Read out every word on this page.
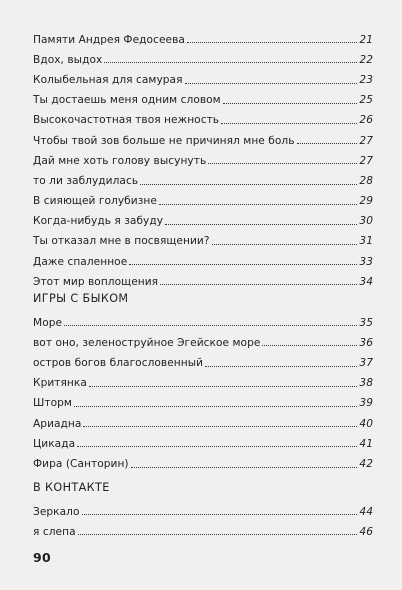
Памяти Андрея Федосеева	21
Вдох, выдох	22
Колыбельная для самурая	23
Ты достаешь меня одним словом	25
Высокочастотная твоя нежность	26
Чтобы твой зов больше не причинял мне боль	27
Дай мне хоть голову высунуть	27
то ли заблудилась	28
В сияющей голубизне	29
Когда-нибудь я забуду	30
Ты отказал мне в посвящении?	31
Даже спаленное	33
Этот мир воплощения	34
ИГРЫ С БЫКОМ
Море	35
вот оно, зеленоструйное Эгейское море	36
остров богов благословенный	37
Критянка	38
Шторм	39
Ариадна	40
Цикада	41
Фира (Санторин)	42
В КОНТАКТЕ
Зеркало	44
я слепа	46
90
